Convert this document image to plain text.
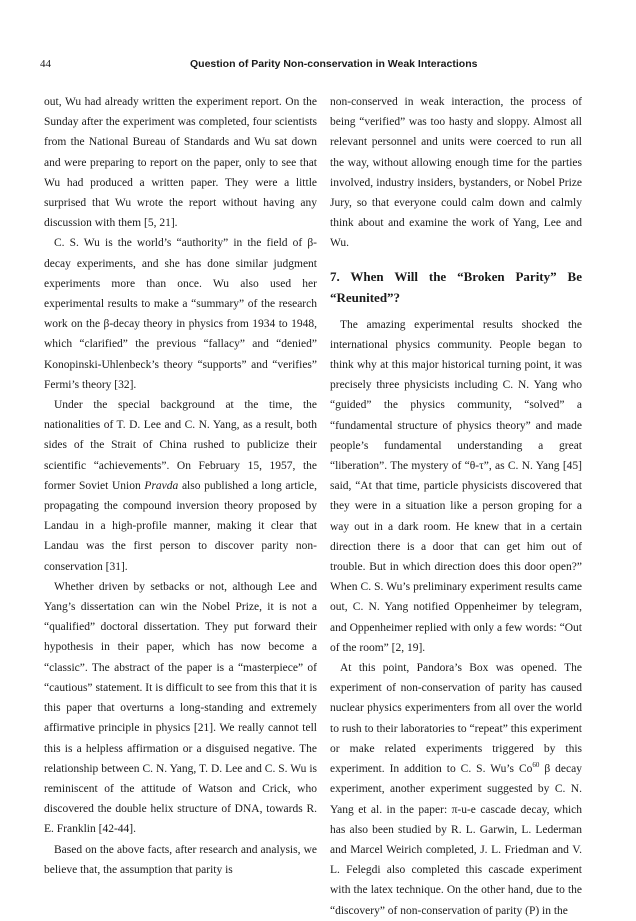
44	Question of Parity Non-conservation in Weak Interactions

out, Wu had already written the experiment report. On the Sunday after the experiment was completed, four scientists from the National Bureau of Standards and Wu sat down and were preparing to report on the paper, only to see that Wu had produced a written paper. They were a little surprised that Wu wrote the report without having any discussion with them [5, 21].

C. S. Wu is the world’s “authority” in the field of β-decay experiments, and she has done similar judgment experiments more than once. Wu also used her experimental results to make a “summary” of the research work on the β-decay theory in physics from 1934 to 1948, which “clarified” the previous “fallacy” and “denied” Konopinski-Uhlenbeck’s theory “supports” and “verifies” Fermi’s theory [32].

Under the special background at the time, the nationalities of T. D. Lee and C. N. Yang, as a result, both sides of the Strait of China rushed to publicize their scientific “achievements”. On February 15, 1957, the former Soviet Union Pravda also published a long article, propagating the compound inversion theory proposed by Landau in a high-profile manner, making it clear that Landau was the first person to discover parity non-conservation [31].

Whether driven by setbacks or not, although Lee and Yang’s dissertation can win the Nobel Prize, it is not a “qualified” doctoral dissertation. They put forward their hypothesis in their paper, which has now become a “classic”. The abstract of the paper is a “masterpiece” of “cautious” statement. It is difficult to see from this that it is this paper that overturns a long-standing and extremely affirmative principle in physics [21]. We really cannot tell this is a helpless affirmation or a disguised negative. The relationship between C. N. Yang, T. D. Lee and C. S. Wu is reminiscent of the attitude of Watson and Crick, who discovered the double helix structure of DNA, towards R. E. Franklin [42-44].

Based on the above facts, after research and analysis, we believe that, the assumption that parity is

non-conserved in weak interaction, the process of being “verified” was too hasty and sloppy. Almost all relevant personnel and units were coerced to run all the way, without allowing enough time for the parties involved, industry insiders, bystanders, or Nobel Prize Jury, so that everyone could calm down and calmly think about and examine the work of Yang, Lee and Wu.

7. When Will the “Broken Parity” Be “Reunited”?

The amazing experimental results shocked the international physics community. People began to think why at this major historical turning point, it was precisely three physicists including C. N. Yang who “guided” the physics community, “solved” a “fundamental structure of physics theory” and made people’s fundamental understanding a great “liberation”. The mystery of “θ-τ”, as C. N. Yang [45] said, “At that time, particle physicists discovered that they were in a situation like a person groping for a way out in a dark room. He knew that in a certain direction there is a door that can get him out of trouble. But in which direction does this door open?” When C. S. Wu’s preliminary experiment results came out, C. N. Yang notified Oppenheimer by telegram, and Oppenheimer replied with only a few words: “Out of the room” [2, 19].

At this point, Pandora’s Box was opened. The experiment of non-conservation of parity has caused nuclear physics experimenters from all over the world to rush to their laboratories to “repeat” this experiment or make related experiments triggered by this experiment. In addition to C. S. Wu’s Co$^{60}$ β decay experiment, another experiment suggested by C. N. Yang et al. in the paper: π-u-e cascade decay, which has also been studied by R. L. Garwin, L. Lederman and Marcel Weirich completed, J. L. Friedman and V. L. Felegdi also completed this cascade experiment with the latex technique. On the other hand, due to the “discovery” of non-conservation of parity (P) in the
